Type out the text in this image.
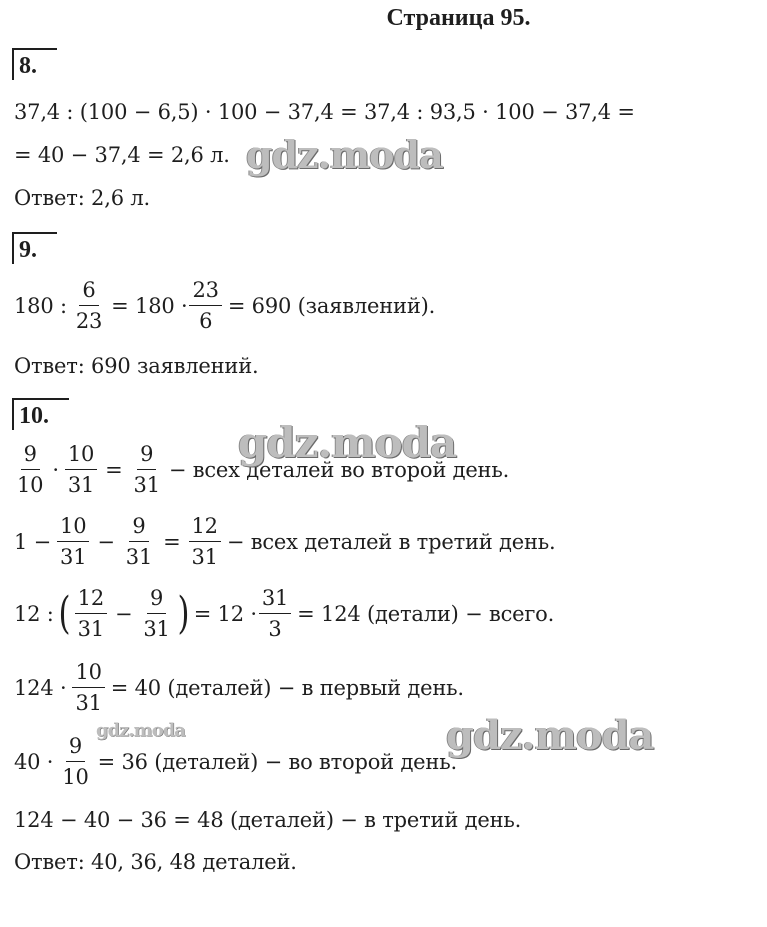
Страница 95.
8.
37,4 : (100 − 6,5) · 100 − 37,4 = 37,4 : 93,5 · 100 − 37,4 =
= 40 − 37,4 = 2,6 л.
Ответ: 2,6 л.
9.
180 : $\frac{6}{23} = 180 \cdot \frac{23}{6} = 690$ (заявлений).
Ответ: 690 заявлений.
10.
$\frac{9}{10} \cdot \frac{10}{31} = \frac{9}{31}$ − всех деталей во второй день.
$1 - \frac{10}{31} - \frac{9}{31} = \frac{12}{31}$ − всех деталей в третий день.
12 : ( $\frac{12}{31} - \frac{9}{31}$ ) = $12 \cdot \frac{31}{3} = 124$ (детали) − всего.
$124 \cdot \frac{10}{31} = 40$ (деталей) − в первый день.
$40 \cdot \frac{9}{10} = 36$ (деталей) − во второй день.
124 − 40 − 36 = 48 (деталей) − в третий день.
Ответ: 40, 36, 48 деталей.
gdz.moda
gdz.moda
gdz.moda
gdz.moda
